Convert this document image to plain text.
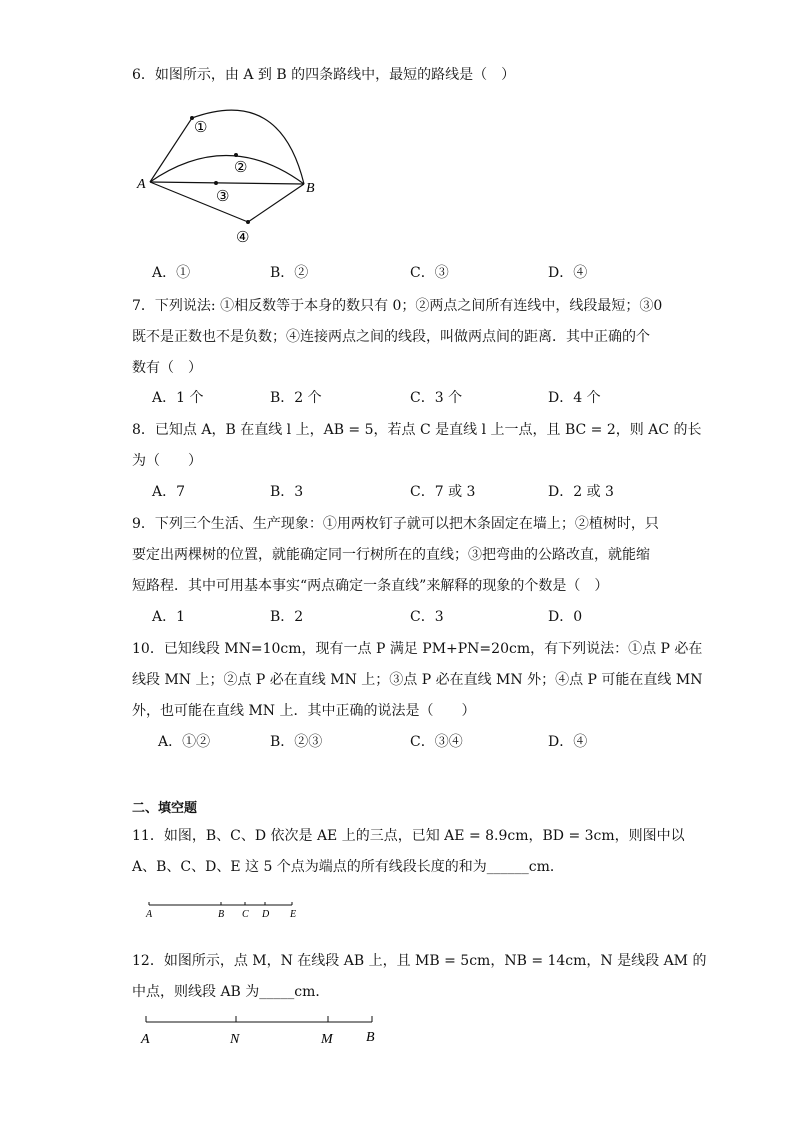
6．如图所示，由 A 到 B 的四条路线中，最短的路线是（　）
A	B
①
②
③
④
A．①	B．②	C．③	D．④
7．下列说法: ①相反数等于本身的数只有 0；②两点之间所有连线中，线段最短；③0
既不是正数也不是负数；④连接两点之间的线段，叫做两点间的距离．其中正确的个
数有（　）
A．1 个	B．2 个	C．3 个	D．4 个
8．已知点 A，B 在直线 l 上，AB = 5，若点 C 是直线 l 上一点，且 BC = 2，则 AC 的长
为（　　）
A．7	B．3	C．7 或 3	D．2 或 3
9．下列三个生活、生产现象：①用两枚钉子就可以把木条固定在墙上；②植树时，只
要定出两棵树的位置，就能确定同一行树所在的直线；③把弯曲的公路改直，就能缩
短路程．其中可用基本事实“两点确定一条直线”来解释的现象的个数是（　）
A．1	B．2	C．3	D．0
10．已知线段 MN=10cm，现有一点 P 满足 PM+PN=20cm，有下列说法：①点 P 必在
线段 MN 上；②点 P 必在直线 MN 上；③点 P 必在直线 MN 外；④点 P 可能在直线 MN
外，也可能在直线 MN 上．其中正确的说法是（　　）
A．①②	B．②③	C．③④	D．④
二、填空题
11．如图，B、C、D 依次是 AE 上的三点，已知 AE = 8.9cm，BD = 3cm，则图中以
A、B、C、D、E 这 5 个点为端点的所有线段长度的和为______cm．
A	B C D E
12．如图所示，点 M，N 在线段 AB 上，且 MB = 5cm，NB = 14cm，N 是线段 AM 的
中点，则线段 AB 为_____cm．
A	N	M B
